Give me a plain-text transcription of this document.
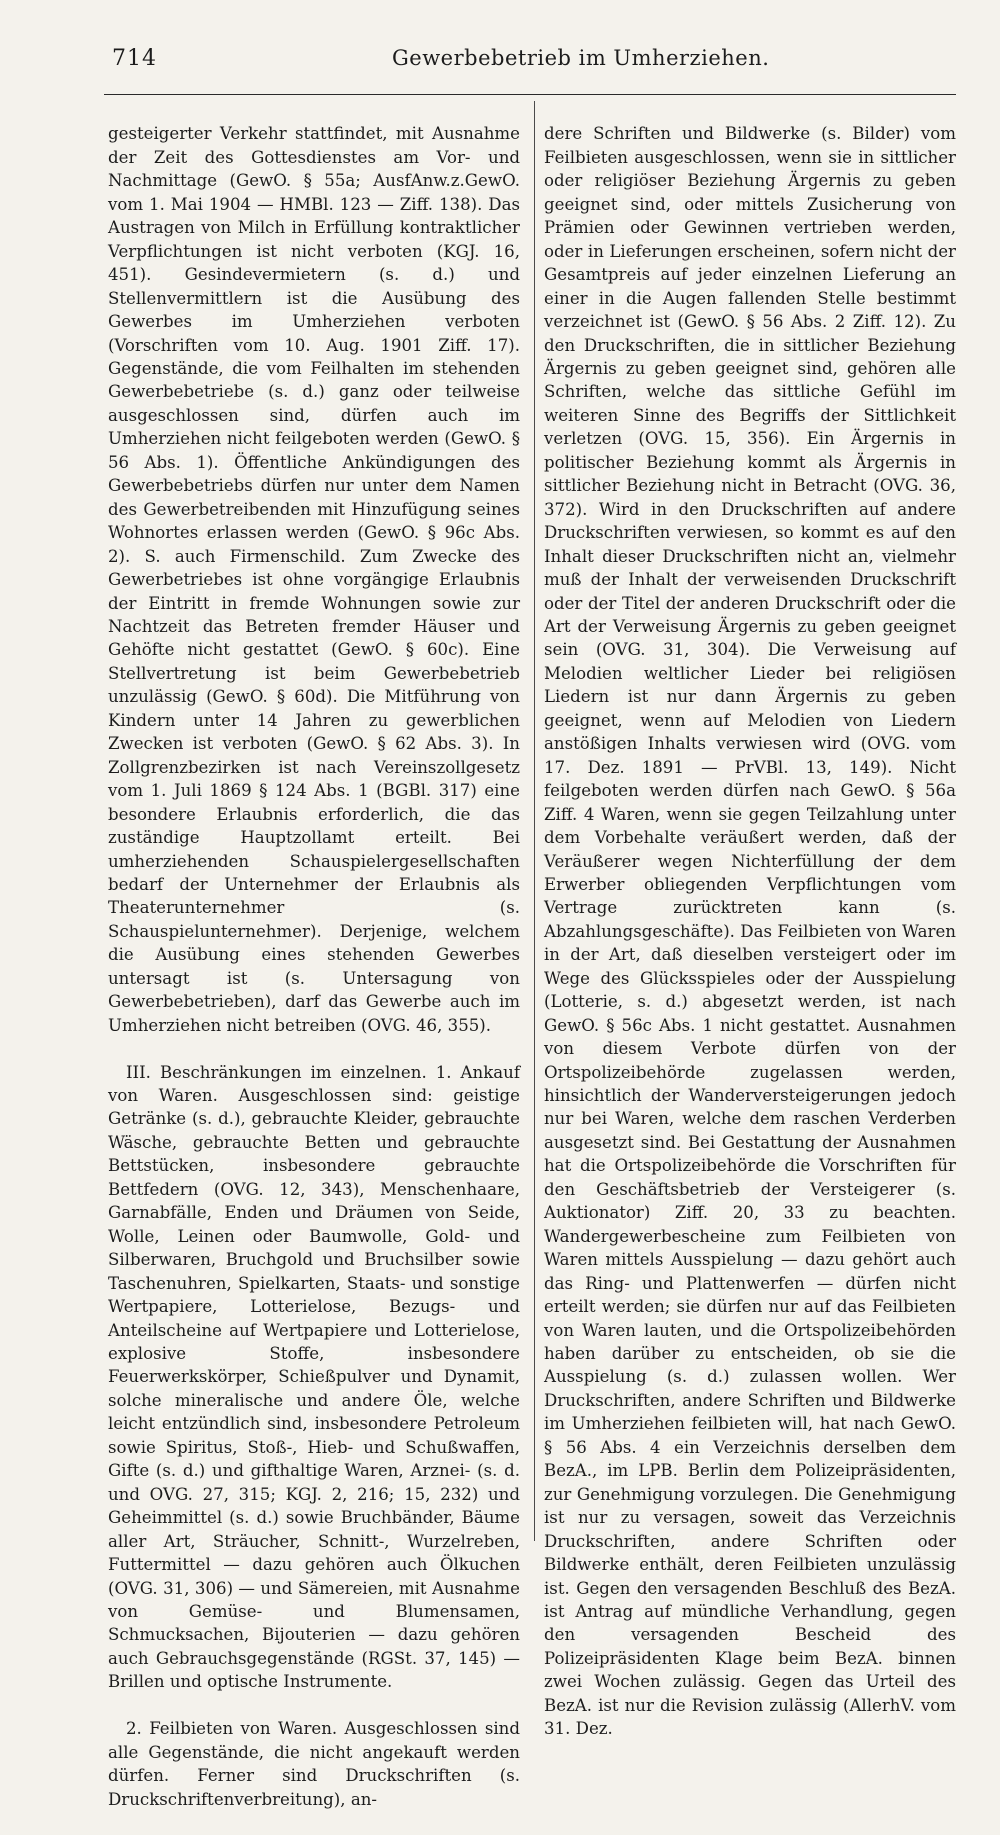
714	Gewerbebetrieb im Umherziehen.

gesteigerter Verkehr stattfindet, mit Ausnahme der Zeit des Gottesdienstes am Vor- und Nachmittage (GewO. § 55a; AusfAnw.z.GewO. vom 1. Mai 1904 — HMBl. 123 — Ziff. 138). Das Austragen von Milch in Erfüllung kontraktlicher Verpflichtungen ist nicht verboten (KGJ. 16, 451). Gesindevermietern (s. d.) und Stellenvermittlern ist die Ausübung des Gewerbes im Umherziehen verboten (Vorschriften vom 10. Aug. 1901 Ziff. 17). Gegenstände, die vom Feilhalten im stehenden Gewerbebetriebe (s. d.) ganz oder teilweise ausgeschlossen sind, dürfen auch im Umherziehen nicht feilgeboten werden (GewO. § 56 Abs. 1). Öffentliche Ankündigungen des Gewerbebetriebs dürfen nur unter dem Namen des Gewerbetreibenden mit Hinzufügung seines Wohnortes erlassen werden (GewO. § 96c Abs. 2). S. auch Firmenschild. Zum Zwecke des Gewerbetriebes ist ohne vorgängige Erlaubnis der Eintritt in fremde Wohnungen sowie zur Nachtzeit das Betreten fremder Häuser und Gehöfte nicht gestattet (GewO. § 60c). Eine Stellvertretung ist beim Gewerbebetrieb unzulässig (GewO. § 60d). Die Mitführung von Kindern unter 14 Jahren zu gewerblichen Zwecken ist verboten (GewO. § 62 Abs. 3). In Zollgrenzbezirken ist nach Vereinszollgesetz vom 1. Juli 1869 § 124 Abs. 1 (BGBl. 317) eine besondere Erlaubnis erforderlich, die das zuständige Hauptzollamt erteilt. Bei umherziehenden Schauspielergesellschaften bedarf der Unternehmer der Erlaubnis als Theaterunternehmer (s. Schauspielunternehmer). Derjenige, welchem die Ausübung eines stehenden Gewerbes untersagt ist (s. Untersagung von Gewerbebetrieben), darf das Gewerbe auch im Umherziehen nicht betreiben (OVG. 46, 355).

III. Beschränkungen im einzelnen. 1. Ankauf von Waren. Ausgeschlossen sind: geistige Getränke (s. d.), gebrauchte Kleider, gebrauchte Wäsche, gebrauchte Betten und gebrauchte Bettstücken, insbesondere gebrauchte Bettfedern (OVG. 12, 343), Menschenhaare, Garnabfälle, Enden und Dräumen von Seide, Wolle, Leinen oder Baumwolle, Gold- und Silberwaren, Bruchgold und Bruchsilber sowie Taschenuhren, Spielkarten, Staats- und sonstige Wertpapiere, Lotterielose, Bezugs- und Anteilscheine auf Wertpapiere und Lotterielose, explosive Stoffe, insbesondere Feuerwerkskörper, Schießpulver und Dynamit, solche mineralische und andere Öle, welche leicht entzündlich sind, insbesondere Petroleum sowie Spiritus, Stoß-, Hieb- und Schußwaffen, Gifte (s. d.) und gifthaltige Waren, Arznei- (s. d. und OVG. 27, 315; KGJ. 2, 216; 15, 232) und Geheimmittel (s. d.) sowie Bruchbänder, Bäume aller Art, Sträucher, Schnitt-, Wurzelreben, Futtermittel — dazu gehören auch Ölkuchen (OVG. 31, 306) — und Sämereien, mit Ausnahme von Gemüse- und Blumensamen, Schmucksachen, Bijouterien — dazu gehören auch Gebrauchsgegenstände (RGSt. 37, 145) — Brillen und optische Instrumente.

2. Feilbieten von Waren. Ausgeschlossen sind alle Gegenstände, die nicht angekauft werden dürfen. Ferner sind Druckschriften (s. Druckschriftenverbreitung), an-

dere Schriften und Bildwerke (s. Bilder) vom Feilbieten ausgeschlossen, wenn sie in sittlicher oder religiöser Beziehung Ärgernis zu geben geeignet sind, oder mittels Zusicherung von Prämien oder Gewinnen vertrieben werden, oder in Lieferungen erscheinen, sofern nicht der Gesamtpreis auf jeder einzelnen Lieferung an einer in die Augen fallenden Stelle bestimmt verzeichnet ist (GewO. § 56 Abs. 2 Ziff. 12). Zu den Druckschriften, die in sittlicher Beziehung Ärgernis zu geben geeignet sind, gehören alle Schriften, welche das sittliche Gefühl im weiteren Sinne des Begriffs der Sittlichkeit verletzen (OVG. 15, 356). Ein Ärgernis in politischer Beziehung kommt als Ärgernis in sittlicher Beziehung nicht in Betracht (OVG. 36, 372). Wird in den Druckschriften auf andere Druckschriften verwiesen, so kommt es auf den Inhalt dieser Druckschriften nicht an, vielmehr muß der Inhalt der verweisenden Druckschrift oder der Titel der anderen Druckschrift oder die Art der Verweisung Ärgernis zu geben geeignet sein (OVG. 31, 304). Die Verweisung auf Melodien weltlicher Lieder bei religiösen Liedern ist nur dann Ärgernis zu geben geeignet, wenn auf Melodien von Liedern anstößigen Inhalts verwiesen wird (OVG. vom 17. Dez. 1891 — PrVBl. 13, 149). Nicht feilgeboten werden dürfen nach GewO. § 56a Ziff. 4 Waren, wenn sie gegen Teilzahlung unter dem Vorbehalte veräußert werden, daß der Veräußerer wegen Nichterfüllung der dem Erwerber obliegenden Verpflichtungen vom Vertrage zurücktreten kann (s. Abzahlungsgeschäfte). Das Feilbieten von Waren in der Art, daß dieselben versteigert oder im Wege des Glücksspieles oder der Ausspielung (Lotterie, s. d.) abgesetzt werden, ist nach GewO. § 56c Abs. 1 nicht gestattet. Ausnahmen von diesem Verbote dürfen von der Ortspolizeibehörde zugelassen werden, hinsichtlich der Wanderversteigerungen jedoch nur bei Waren, welche dem raschen Verderben ausgesetzt sind. Bei Gestattung der Ausnahmen hat die Ortspolizeibehörde die Vorschriften für den Geschäftsbetrieb der Versteigerer (s. Auktionator) Ziff. 20, 33 zu beachten. Wandergewerbescheine zum Feilbieten von Waren mittels Ausspielung — dazu gehört auch das Ring- und Plattenwerfen — dürfen nicht erteilt werden; sie dürfen nur auf das Feilbieten von Waren lauten, und die Ortspolizeibehörden haben darüber zu entscheiden, ob sie die Ausspielung (s. d.) zulassen wollen. Wer Druckschriften, andere Schriften und Bildwerke im Umherziehen feilbieten will, hat nach GewO. § 56 Abs. 4 ein Verzeichnis derselben dem BezA., im LPB. Berlin dem Polizeipräsidenten, zur Genehmigung vorzulegen. Die Genehmigung ist nur zu versagen, soweit das Verzeichnis Druckschriften, andere Schriften oder Bildwerke enthält, deren Feilbieten unzulässig ist. Gegen den versagenden Beschluß des BezA. ist Antrag auf mündliche Verhandlung, gegen den versagenden Bescheid des Polizeipräsidenten Klage beim BezA. binnen zwei Wochen zulässig. Gegen das Urteil des BezA. ist nur die Revision zulässig (AllerhV. vom 31. Dez.
